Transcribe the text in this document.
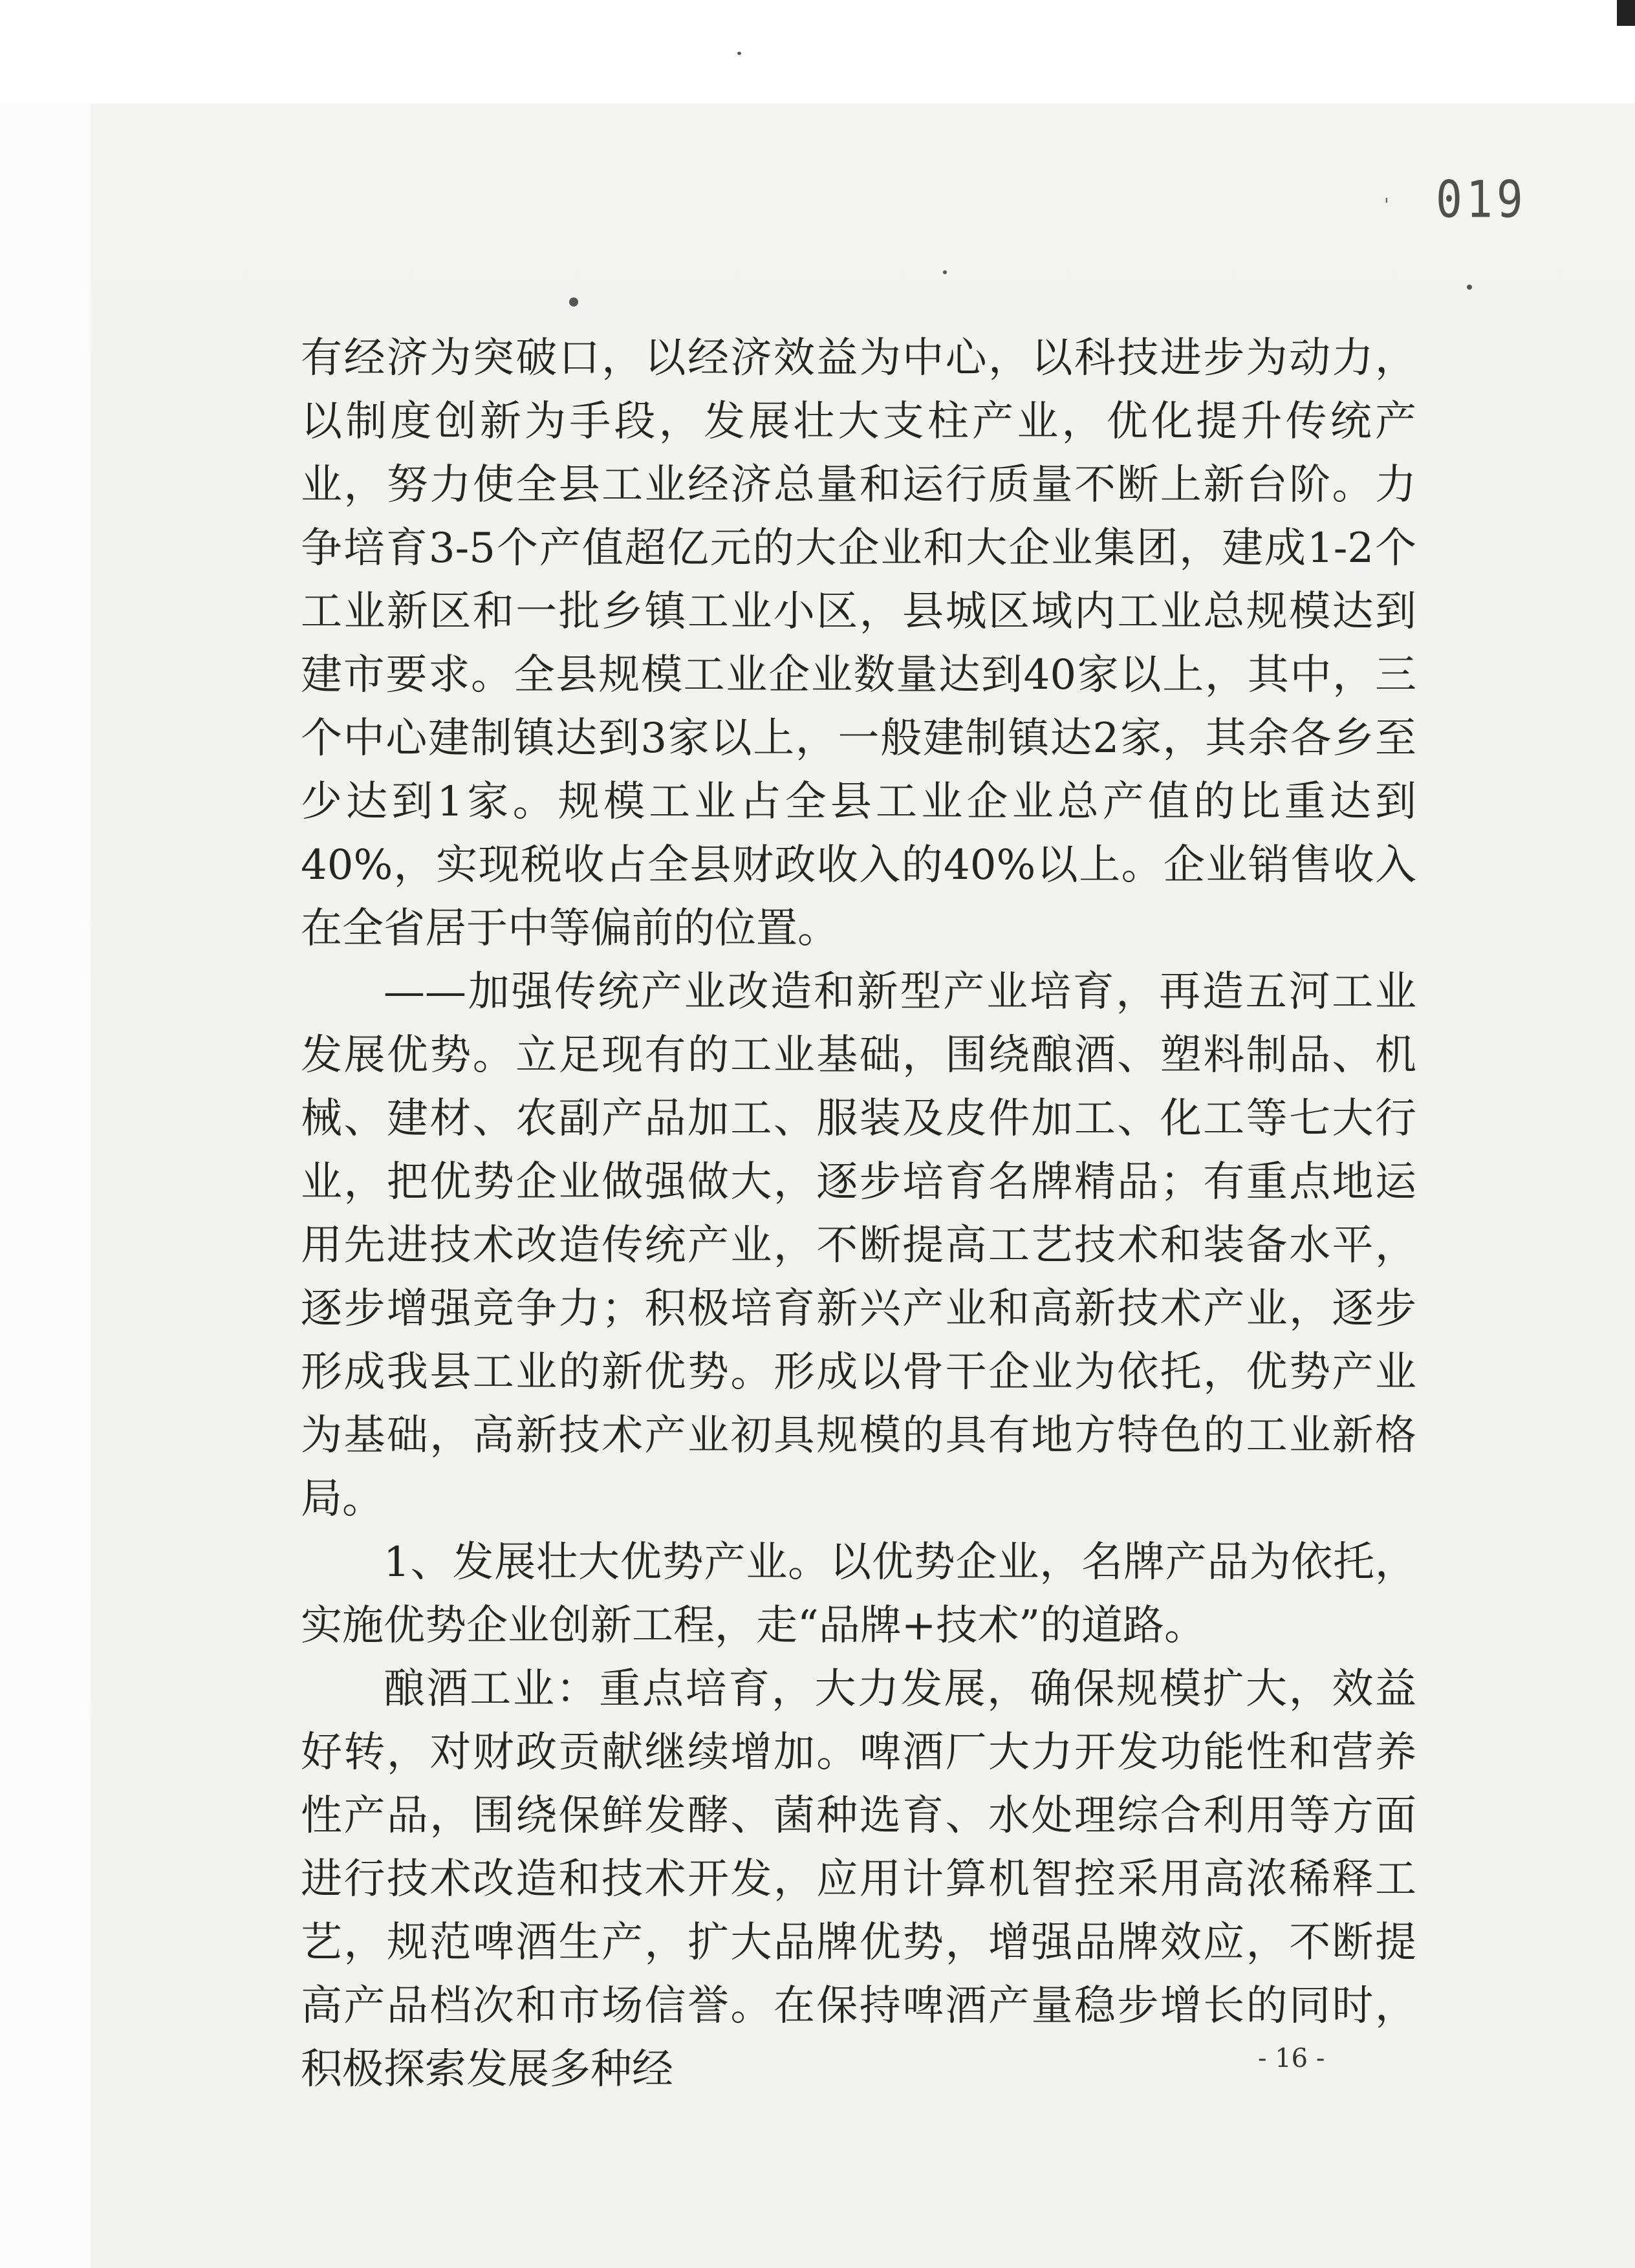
' 019

有经济为突破口，以经济效益为中心，以科技进步为动力，以制度创新为手段，发展壮大支柱产业，优化提升传统产业，努力使全县工业经济总量和运行质量不断上新台阶。力争培育3-5个产值超亿元的大企业和大企业集团，建成1-2个工业新区和一批乡镇工业小区，县城区域内工业总规模达到建市要求。全县规模工业企业数量达到40家以上，其中，三个中心建制镇达到3家以上，一般建制镇达2家，其余各乡至少达到1家。规模工业占全县工业企业总产值的比重达到40%，实现税收占全县财政收入的40%以上。企业销售收入在全省居于中等偏前的位置。

——加强传统产业改造和新型产业培育，再造五河工业发展优势。立足现有的工业基础，围绕酿酒、塑料制品、机械、建材、农副产品加工、服装及皮件加工、化工等七大行业，把优势企业做强做大，逐步培育名牌精品；有重点地运用先进技术改造传统产业，不断提高工艺技术和装备水平，逐步增强竞争力；积极培育新兴产业和高新技术产业，逐步形成我县工业的新优势。形成以骨干企业为依托，优势产业为基础，高新技术产业初具规模的具有地方特色的工业新格局。

1、发展壮大优势产业。以优势企业，名牌产品为依托，实施优势企业创新工程，走“品牌+技术”的道路。

酿酒工业：重点培育，大力发展，确保规模扩大，效益好转，对财政贡献继续增加。啤酒厂大力开发功能性和营养性产品，围绕保鲜发酵、菌种选育、水处理综合利用等方面进行技术改造和技术开发，应用计算机智控采用高浓稀释工艺，规范啤酒生产，扩大品牌优势，增强品牌效应，不断提高产品档次和市场信誉。在保持啤酒产量稳步增长的同时，积极探索发展多种经	- 16 -
